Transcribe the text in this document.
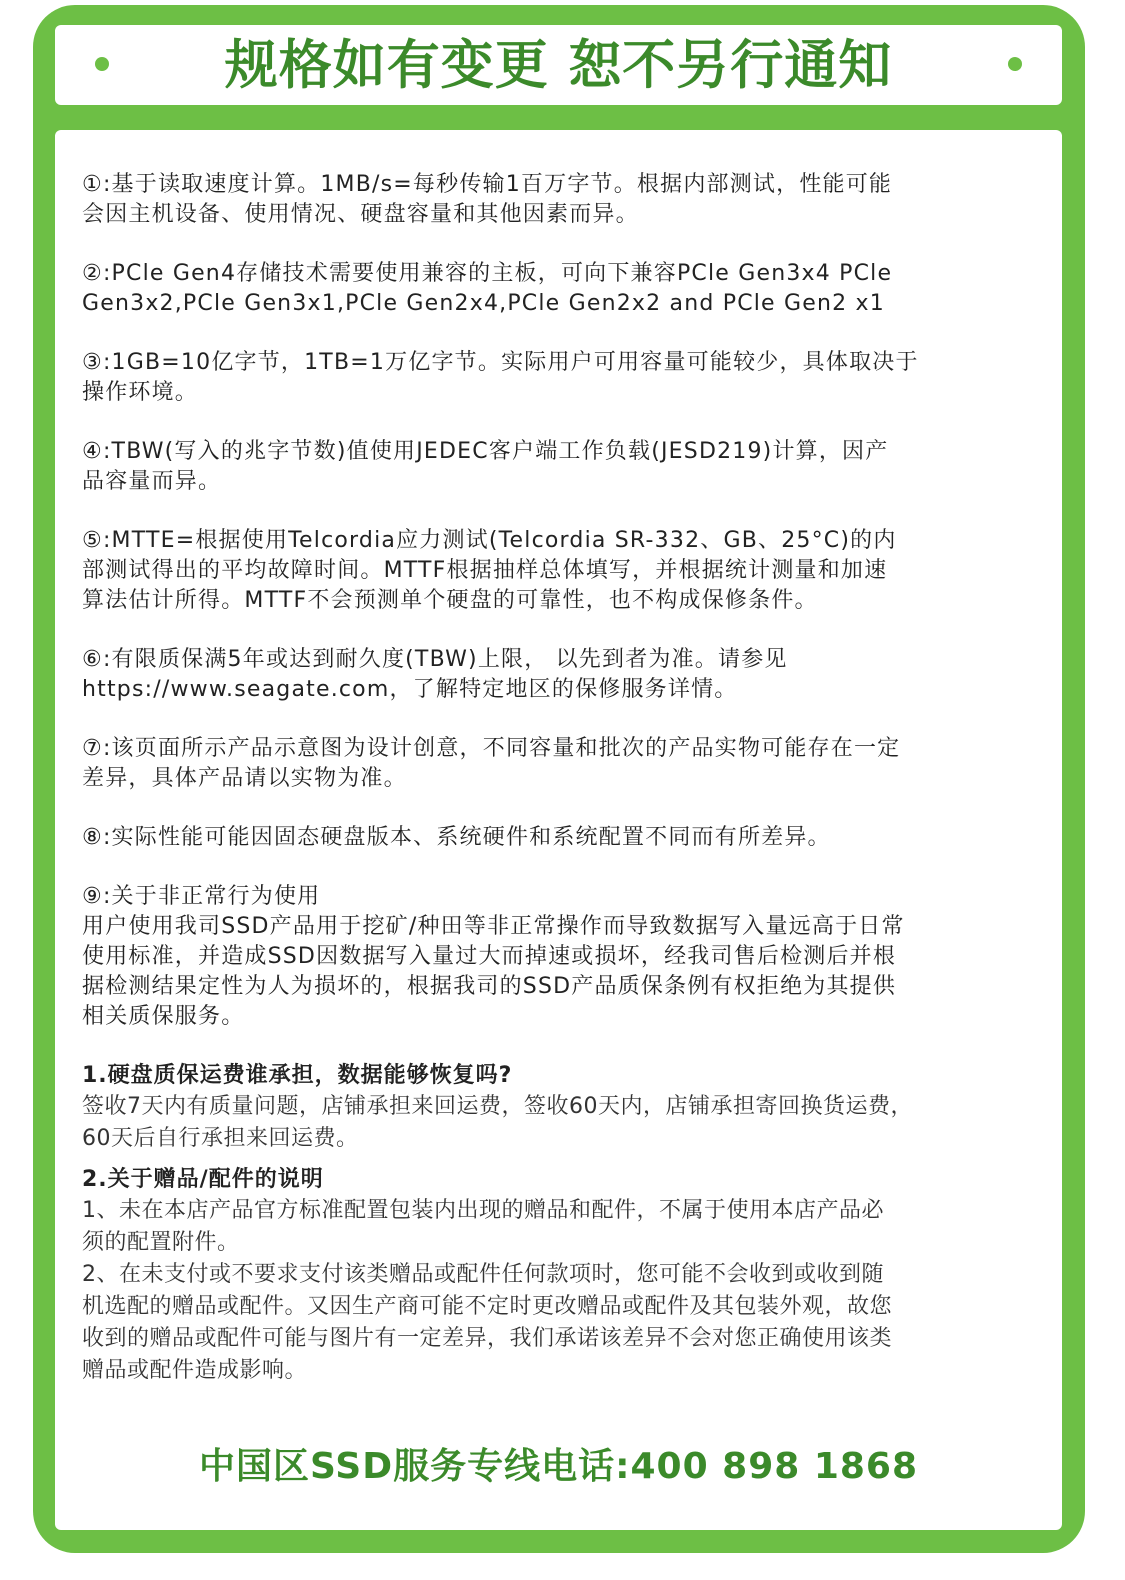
规格如有变更 恕不另行通知

①:基于读取速度计算。1MB/s=每秒传输1百万字节。根据内部测试，性能可能
会因主机设备、使用情况、硬盘容量和其他因素而异。

②:PCle Gen4存储技术需要使用兼容的主板，可向下兼容PCle Gen3x4 PCle
Gen3x2,PCle Gen3x1,PCle Gen2x4,PCle Gen2x2 and PCle Gen2 x1

③:1GB=10亿字节，1TB=1万亿字节。实际用户可用容量可能较少，具体取决于
操作环境。

④:TBW(写入的兆字节数)值使用JEDEC客户端工作负载(JESD219)计算，因产
品容量而异。

⑤:MTTE=根据使用Telcordia应力测试(Telcordia SR-332、GB、25°C)的内
部测试得出的平均故障时间。MTTF根据抽样总体填写，并根据统计测量和加速
算法估计所得。MTTF不会预测单个硬盘的可靠性，也不构成保修条件。

⑥:有限质保满5年或达到耐久度(TBW)上限， 以先到者为准。请参见
https://www.seagate.com，了解特定地区的保修服务详情。

⑦:该页面所示产品示意图为设计创意，不同容量和批次的产品实物可能存在一定
差异，具体产品请以实物为准。

⑧:实际性能可能因固态硬盘版本、系统硬件和系统配置不同而有所差异。

⑨:关于非正常行为使用
用户使用我司SSD产品用于挖矿/种田等非正常操作而导致数据写入量远高于日常
使用标准，并造成SSD因数据写入量过大而掉速或损坏，经我司售后检测后并根
据检测结果定性为人为损坏的，根据我司的SSD产品质保条例有权拒绝为其提供
相关质保服务。

1.硬盘质保运费谁承担，数据能够恢复吗?

签收7天内有质量问题，店铺承担来回运费，签收60天内，店铺承担寄回换货运费，
60天后自行承担来回运费。

2.关于赠品/配件的说明

1、未在本店产品官方标准配置包装内出现的赠品和配件，不属于使用本店产品必
须的配置附件。
2、在未支付或不要求支付该类赠品或配件任何款项时，您可能不会收到或收到随
机选配的赠品或配件。又因生产商可能不定时更改赠品或配件及其包装外观，故您
收到的赠品或配件可能与图片有一定差异，我们承诺该差异不会对您正确使用该类
赠品或配件造成影响。

中国区SSD服务专线电话:400 898 1868
